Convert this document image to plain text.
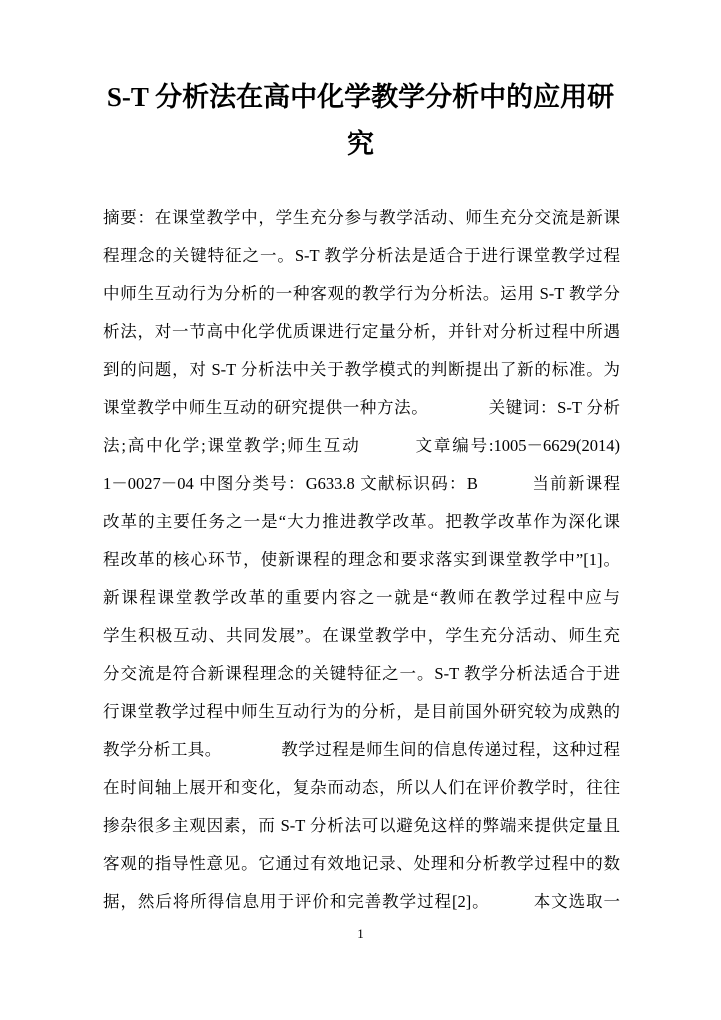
S-T 分析法在高中化学教学分析中的应用研
究
摘要：在课堂教学中，学生充分参与教学活动、师生充分交流是新课
程理念的关键特征之一。S-T 教学分析法是适合于进行课堂教学过程
中师生互动行为分析的一种客观的教学行为分析法。运用 S-T 教学分
析法，对一节高中化学优质课进行定量分析，并针对分析过程中所遇
到的问题，对 S-T 分析法中关于教学模式的判断提出了新的标准。为
课堂教学中师生互动的研究提供一种方法。　　　　关键词：S-T 分析
法;高中化学;课堂教学;师生互动　　　文章编号:1005－6629(2014)
1－0027－04 中图分类号：G633.8 文献标识码：B　　　当前新课程
改革的主要任务之一是“大力推进教学改革。把教学改革作为深化课
程改革的核心环节，使新课程的理念和要求落实到课堂教学中”[1]。
新课程课堂教学改革的重要内容之一就是“教师在教学过程中应与
学生积极互动、共同发展”。在课堂教学中，学生充分活动、师生充
分交流是符合新课程理念的关键特征之一。S-T 教学分析法适合于进
行课堂教学过程中师生互动行为的分析，是目前国外研究较为成熟的
教学分析工具。　　　　教学过程是师生间的信息传递过程，这种过程
在时间轴上展开和变化，复杂而动态，所以人们在评价教学时，往往
掺杂很多主观因素，而 S-T 分析法可以避免这样的弊端来提供定量且
客观的指导性意见。它通过有效地记录、处理和分析教学过程中的数
据，然后将所得信息用于评价和完善教学过程[2]。　　　本文选取一
1
